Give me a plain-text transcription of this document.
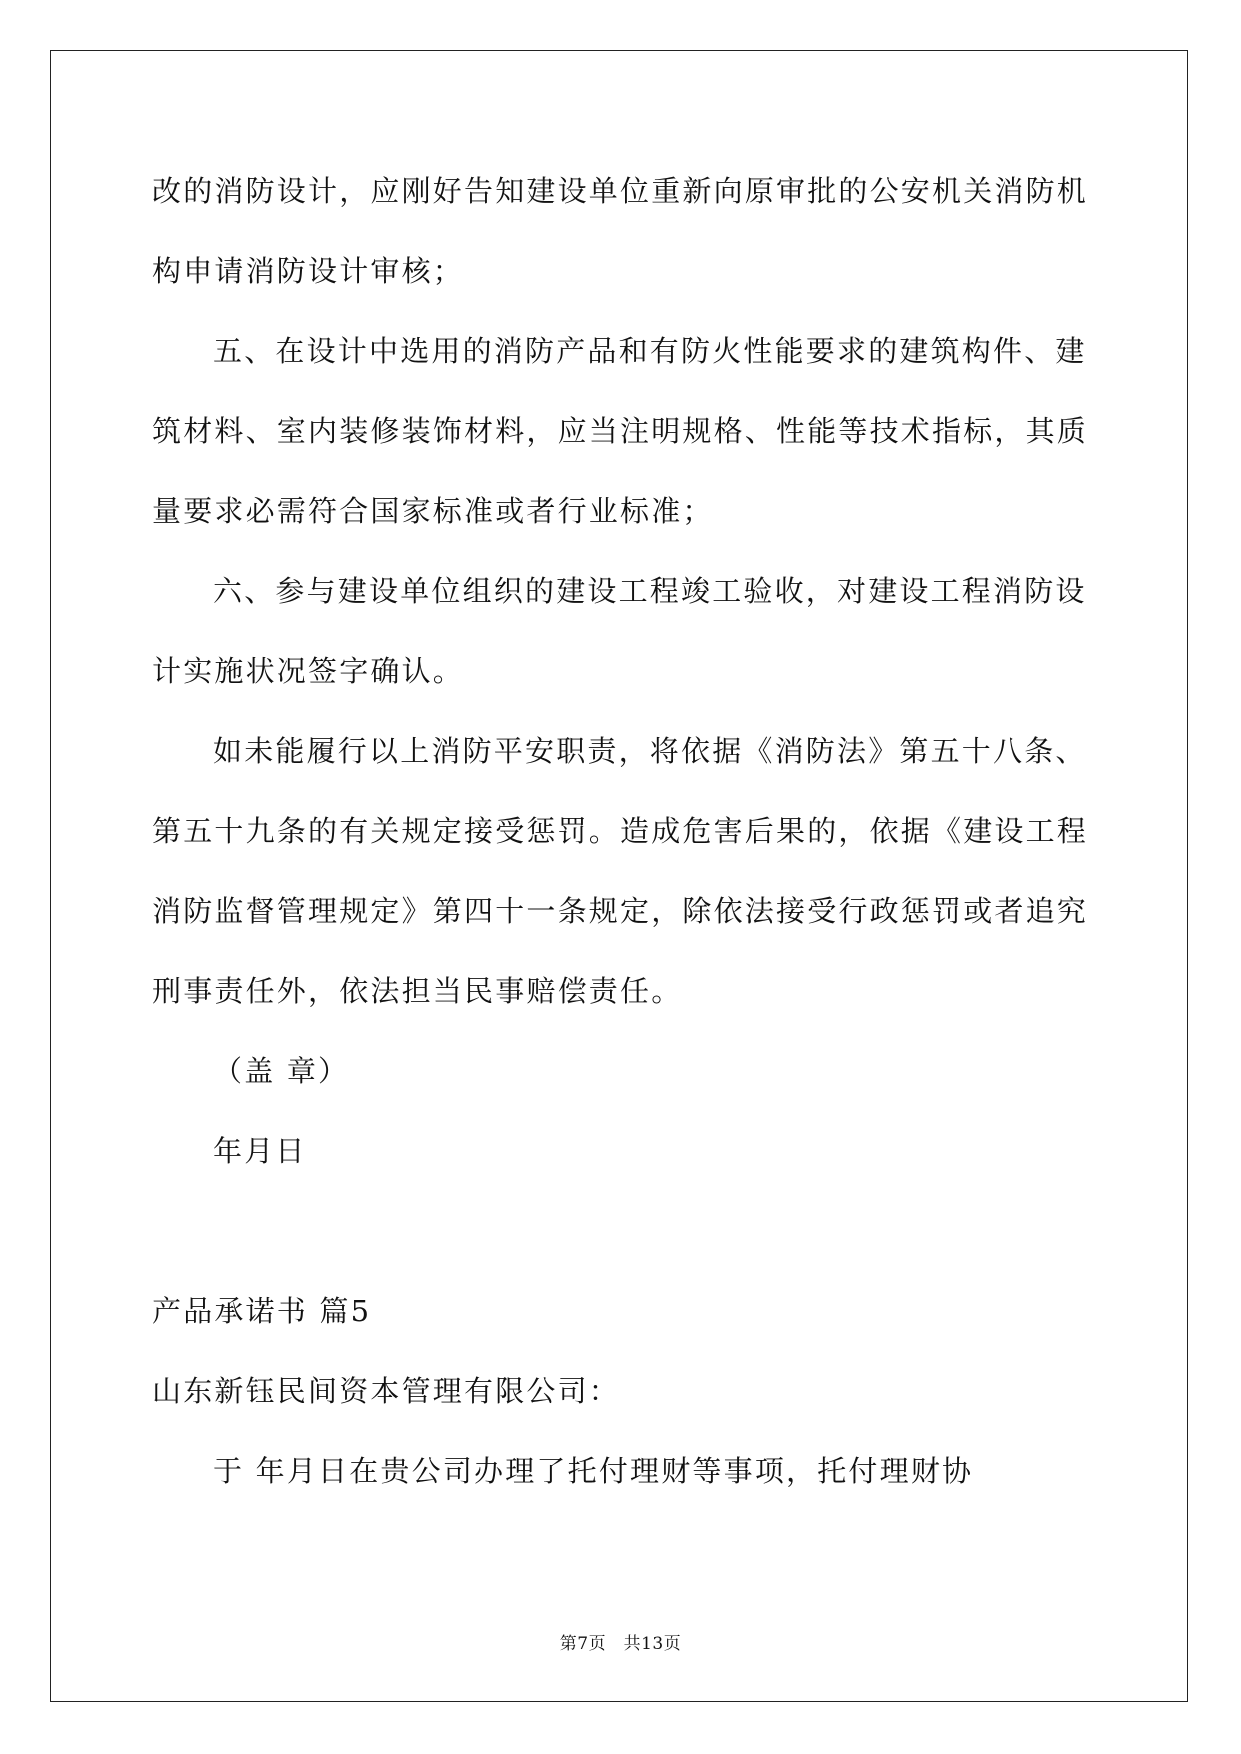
改的消防设计，应刚好告知建设单位重新向原审批的公安机关消防机
构申请消防设计审核；
五、在设计中选用的消防产品和有防火性能要求的建筑构件、建
筑材料、室内装修装饰材料，应当注明规格、性能等技术指标，其质
量要求必需符合国家标准或者行业标准；
六、参与建设单位组织的建设工程竣工验收，对建设工程消防设
计实施状况签字确认。
如未能履行以上消防平安职责，将依据《消防法》第五十八条、
第五十九条的有关规定接受惩罚。造成危害后果的，依据《建设工程
消防监督管理规定》第四十一条规定，除依法接受行政惩罚或者追究
刑事责任外，依法担当民事赔偿责任。
（盖 章）
年月日
产品承诺书 篇5
山东新钰民间资本管理有限公司：
于 年月日在贵公司办理了托付理财等事项，托付理财协
第7页　共13页
